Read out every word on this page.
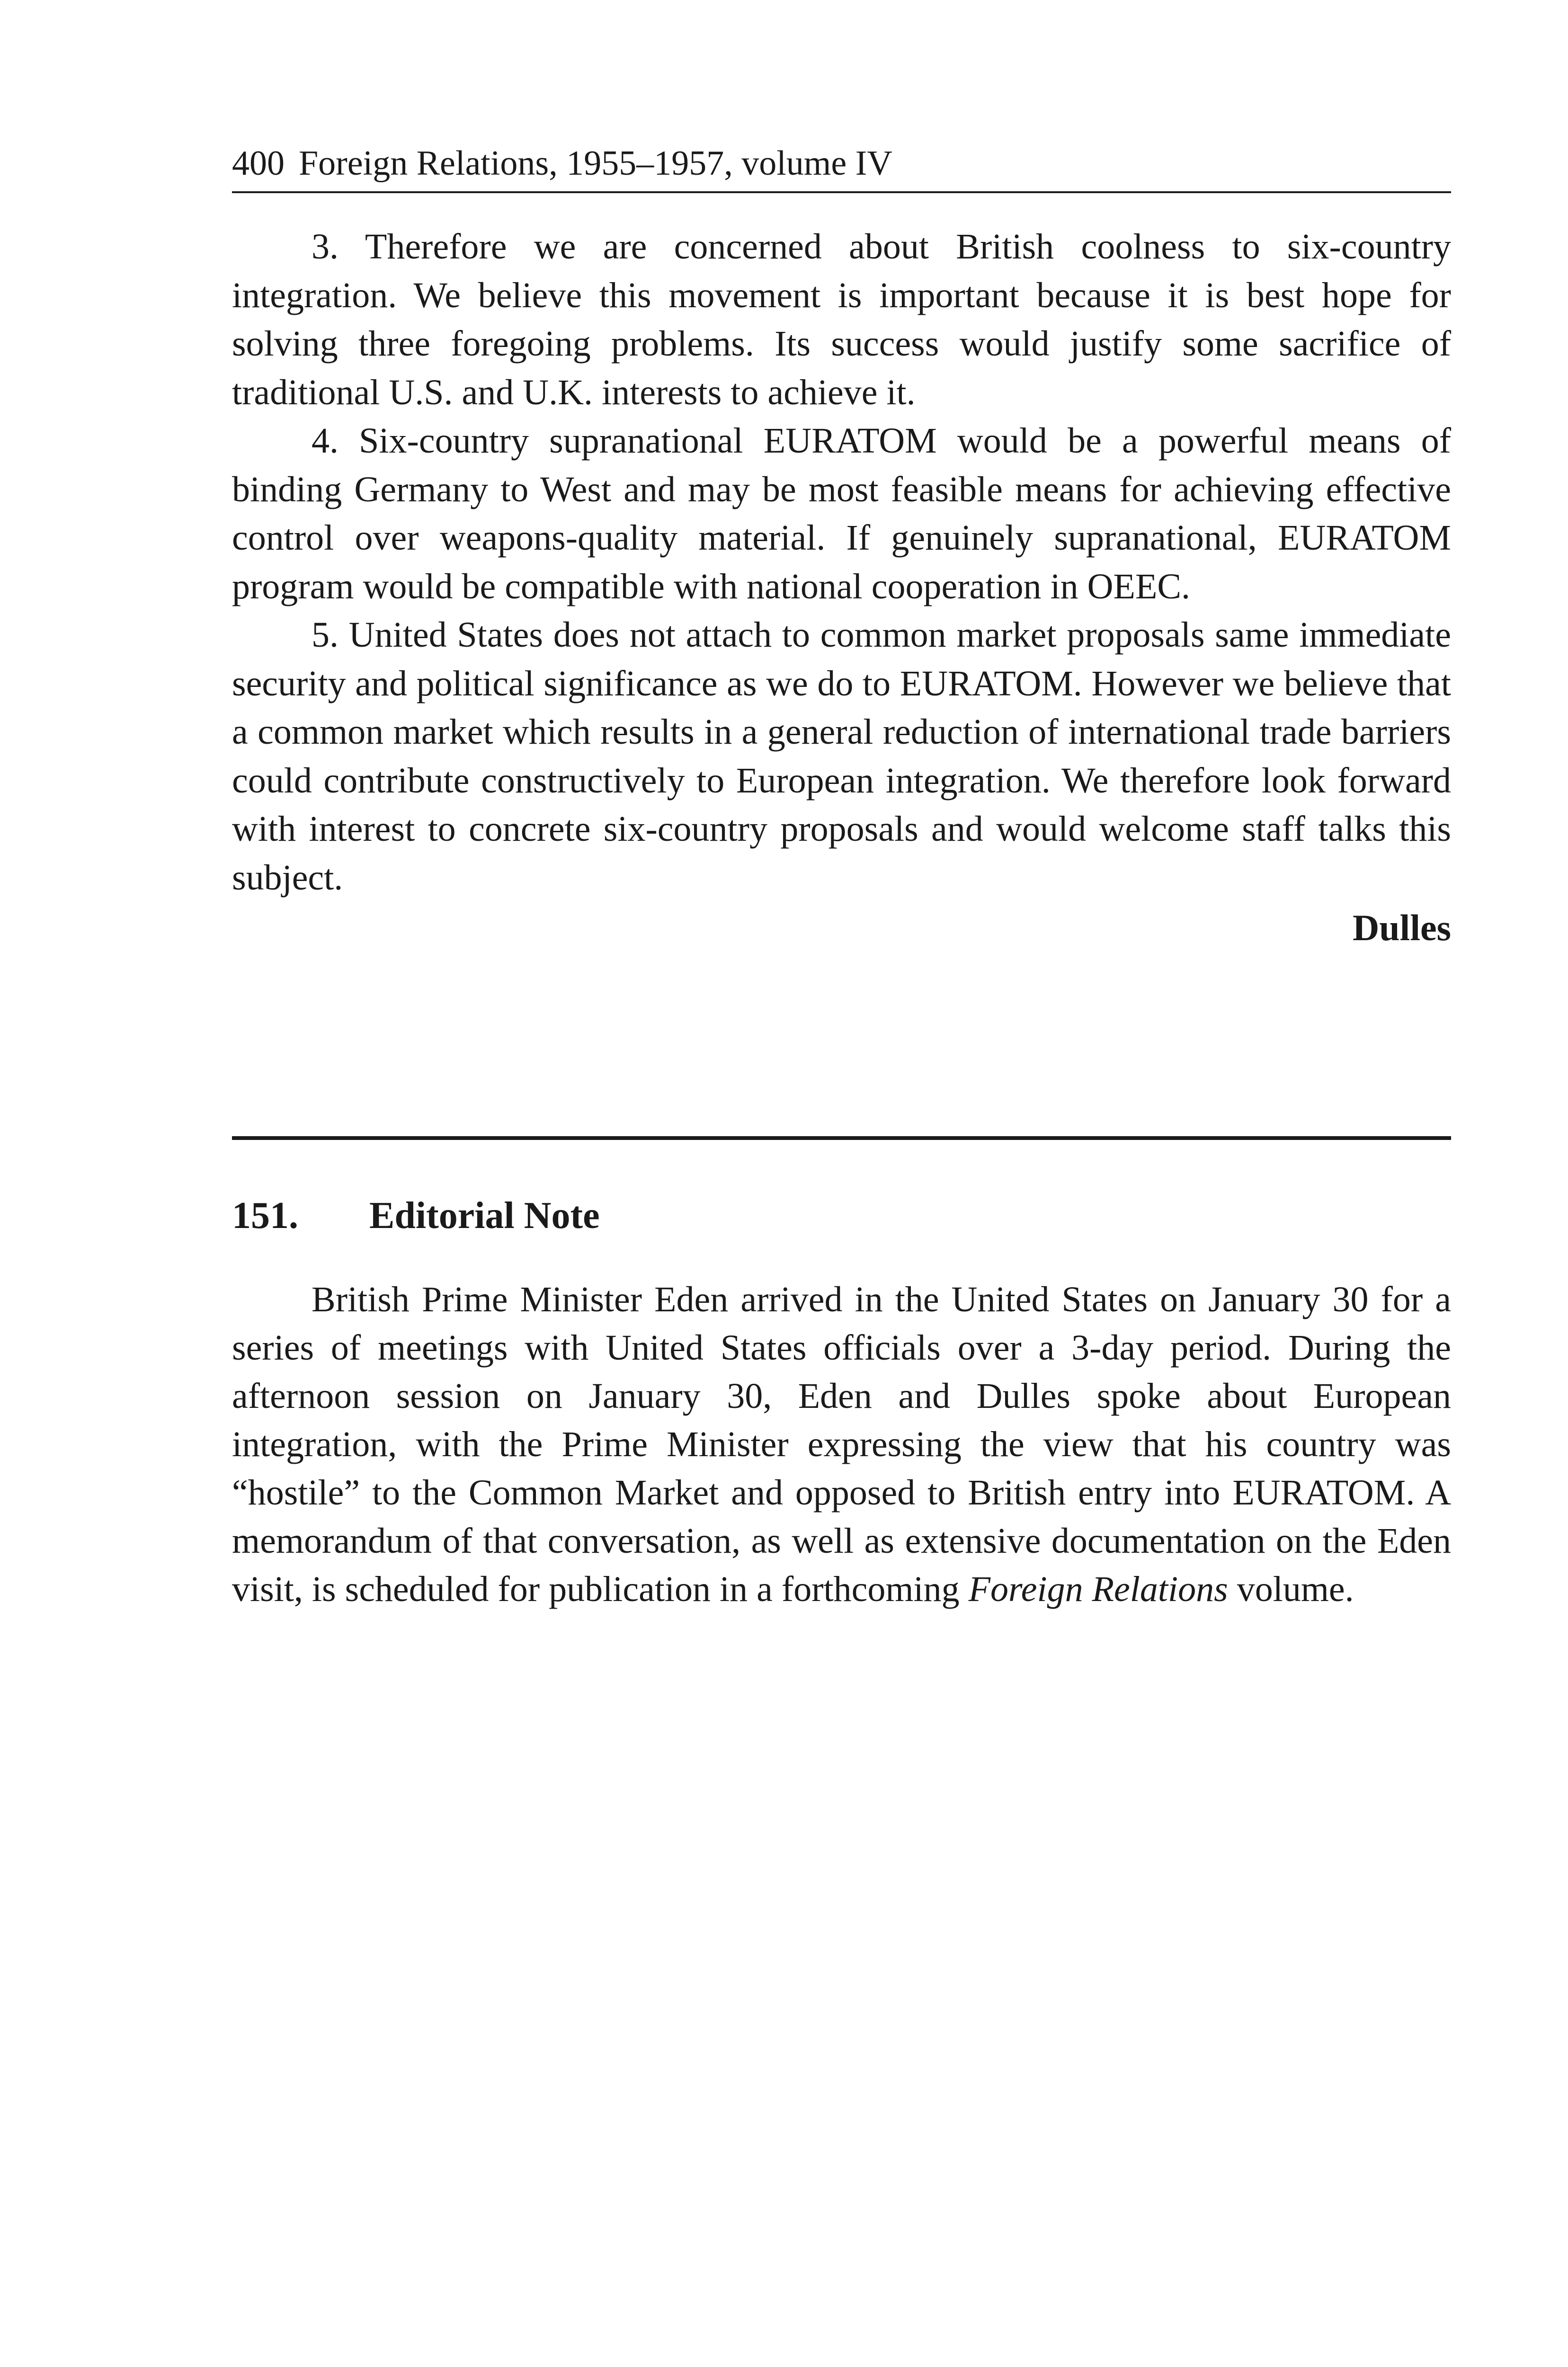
400 Foreign Relations, 1955–1957, volume IV

3. Therefore we are concerned about British coolness to six-country integration. We believe this movement is important because it is best hope for solving three foregoing problems. Its success would justify some sacrifice of traditional U.S. and U.K. interests to achieve it.

4. Six-country supranational EURATOM would be a powerful means of binding Germany to West and may be most feasible means for achieving effective control over weapons-quality material. If genuinely supranational, EURATOM program would be compatible with national cooperation in OEEC.

5. United States does not attach to common market proposals same immediate security and political significance as we do to EURATOM. However we believe that a common market which results in a general reduction of international trade barriers could contribute constructively to European integration. We therefore look forward with interest to concrete six-country proposals and would welcome staff talks this subject.

Dulles
151. Editorial Note

British Prime Minister Eden arrived in the United States on January 30 for a series of meetings with United States officials over a 3-day period. During the afternoon session on January 30, Eden and Dulles spoke about European integration, with the Prime Minister expressing the view that his country was “hostile” to the Common Market and opposed to British entry into EURATOM. A memorandum of that conversation, as well as extensive documentation on the Eden visit, is scheduled for publication in a forthcoming Foreign Relations volume.
